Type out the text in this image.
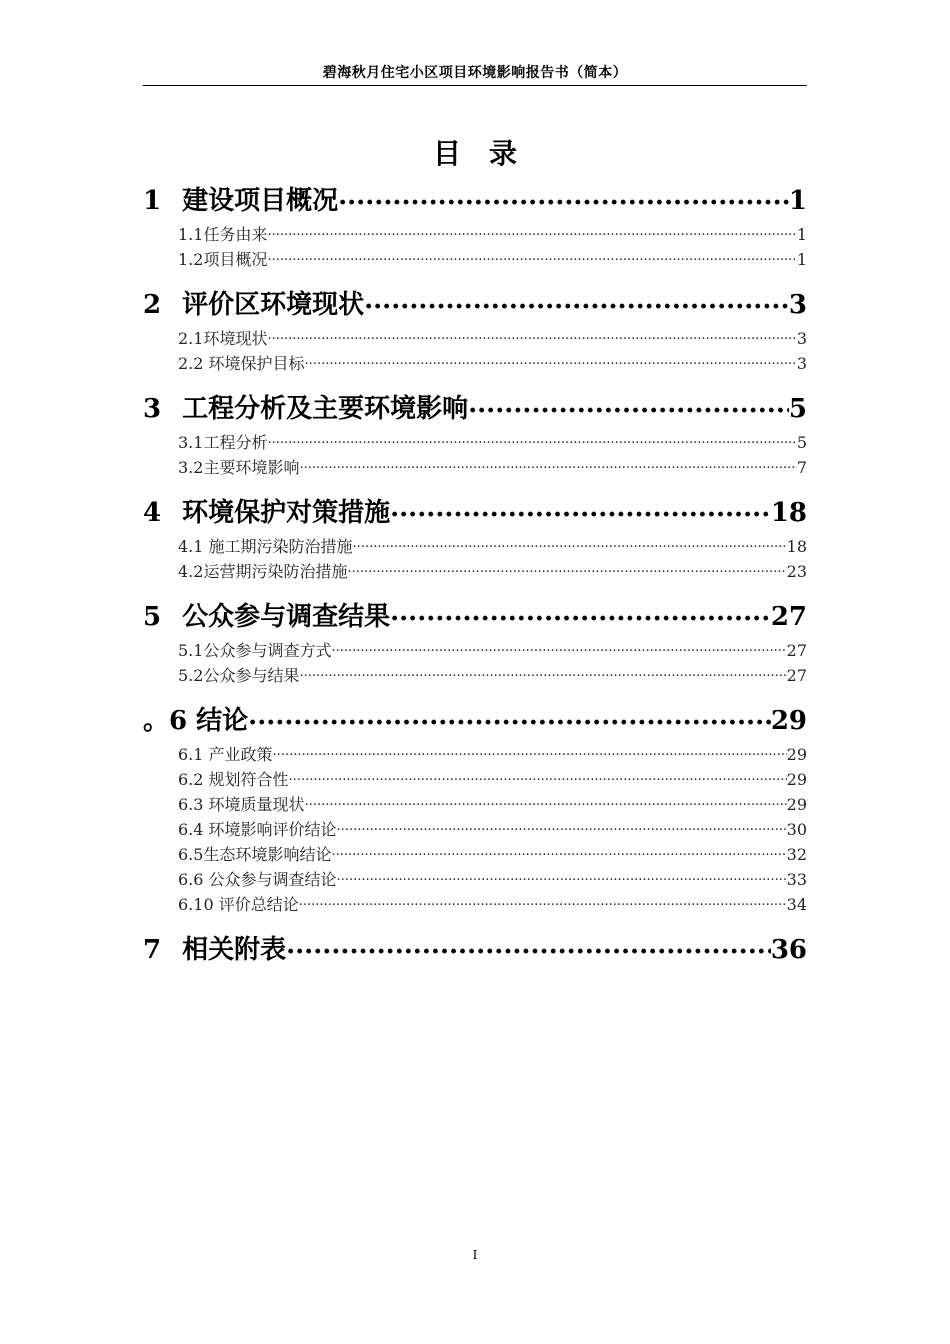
碧海秋月住宅小区项目环境影响报告书（简本）
目录
1 建设项目概况 .....	1
1.1任务由来 .....	1
1.2项目概况 .....	1
2 评价区环境现状 .....	3
2.1环境现状 .....	3
2.2 环境保护目标 .....	3
3 工程分析及主要环境影响 .....	5
3.1工程分析 .....	5
3.2主要环境影响 .....	7
4 环境保护对策措施 .....	18
4.1 施工期污染防治措施 .....	18
4.2运营期污染防治措施 .....	23
5 公众参与调查结果 .....	27
5.1公众参与调查方式 .....	27
5.2公众参与结果 .....	27
。6 结论 .....	29
6.1 产业政策 .....	29
6.2 规划符合性 .....	29
6.3 环境质量现状 .....	29
6.4 环境影响评价结论 .....	30
6.5生态环境影响结论 .....	32
6.6 公众参与调查结论 .....	33
6.10 评价总结论 .....	34
7 相关附表 .....	36
I
